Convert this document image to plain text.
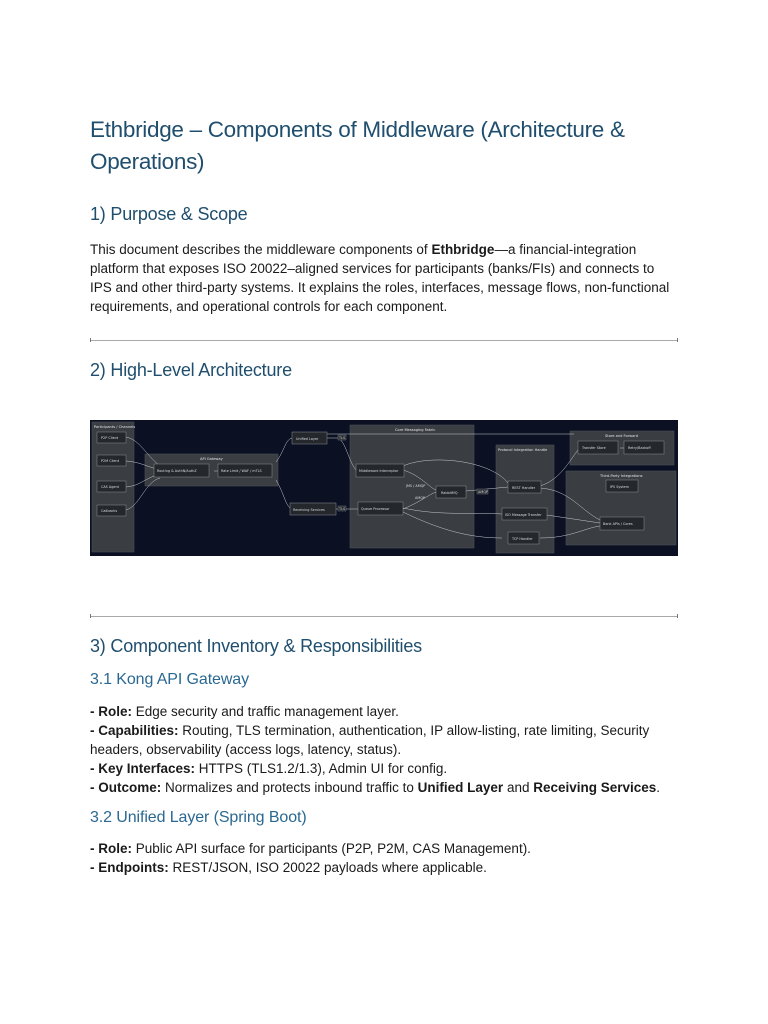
Ethbridge – Components of Middleware (Architecture & Operations)
1) Purpose & Scope

This document describes the middleware components of Ethbridge—a financial-integration platform that exposes ISO 20022–aligned services for participants (banks/FIs) and connects to IPS and other third-party systems. It explains the roles, interfaces, message flows, non-functional requirements, and operational controls for each component.

2) High-Level Architecture
Participants / Channels
API Gateway
Core Messaging Fabric
Protocol Integration Handle
Store and Forward
Third-Party Integrations
TLS
TLS
JMS / AMQP
AMQP
AMQP
P2P Client
P2M Client
CAS Agent
Callbacks
Routing & AuthN/AuthZ	Rate Limit / WAF / mTLS
Unified Layer
Receiving Services
Middleware Interceptor
Queue Processor
RabbitMQ
REST Handler
ISO Message Transfer
TCP Handler
Transfer Store	Retry/Backoff
IPS System
Bank APIs / Cores
3) Component Inventory & Responsibilities
3.1 Kong API Gateway
- Role: Edge security and traffic management layer.
- Capabilities: Routing, TLS termination, authentication, IP allow-listing, rate limiting, Security headers, observability (access logs, latency, status).
- Key Interfaces: HTTPS (TLS1.2/1.3), Admin UI for config.
- Outcome: Normalizes and protects inbound traffic to Unified Layer and Receiving Services.
3.2 Unified Layer (Spring Boot)
- Role: Public API surface for participants (P2P, P2M, CAS Management).
- Endpoints: REST/JSON, ISO 20022 payloads where applicable.
